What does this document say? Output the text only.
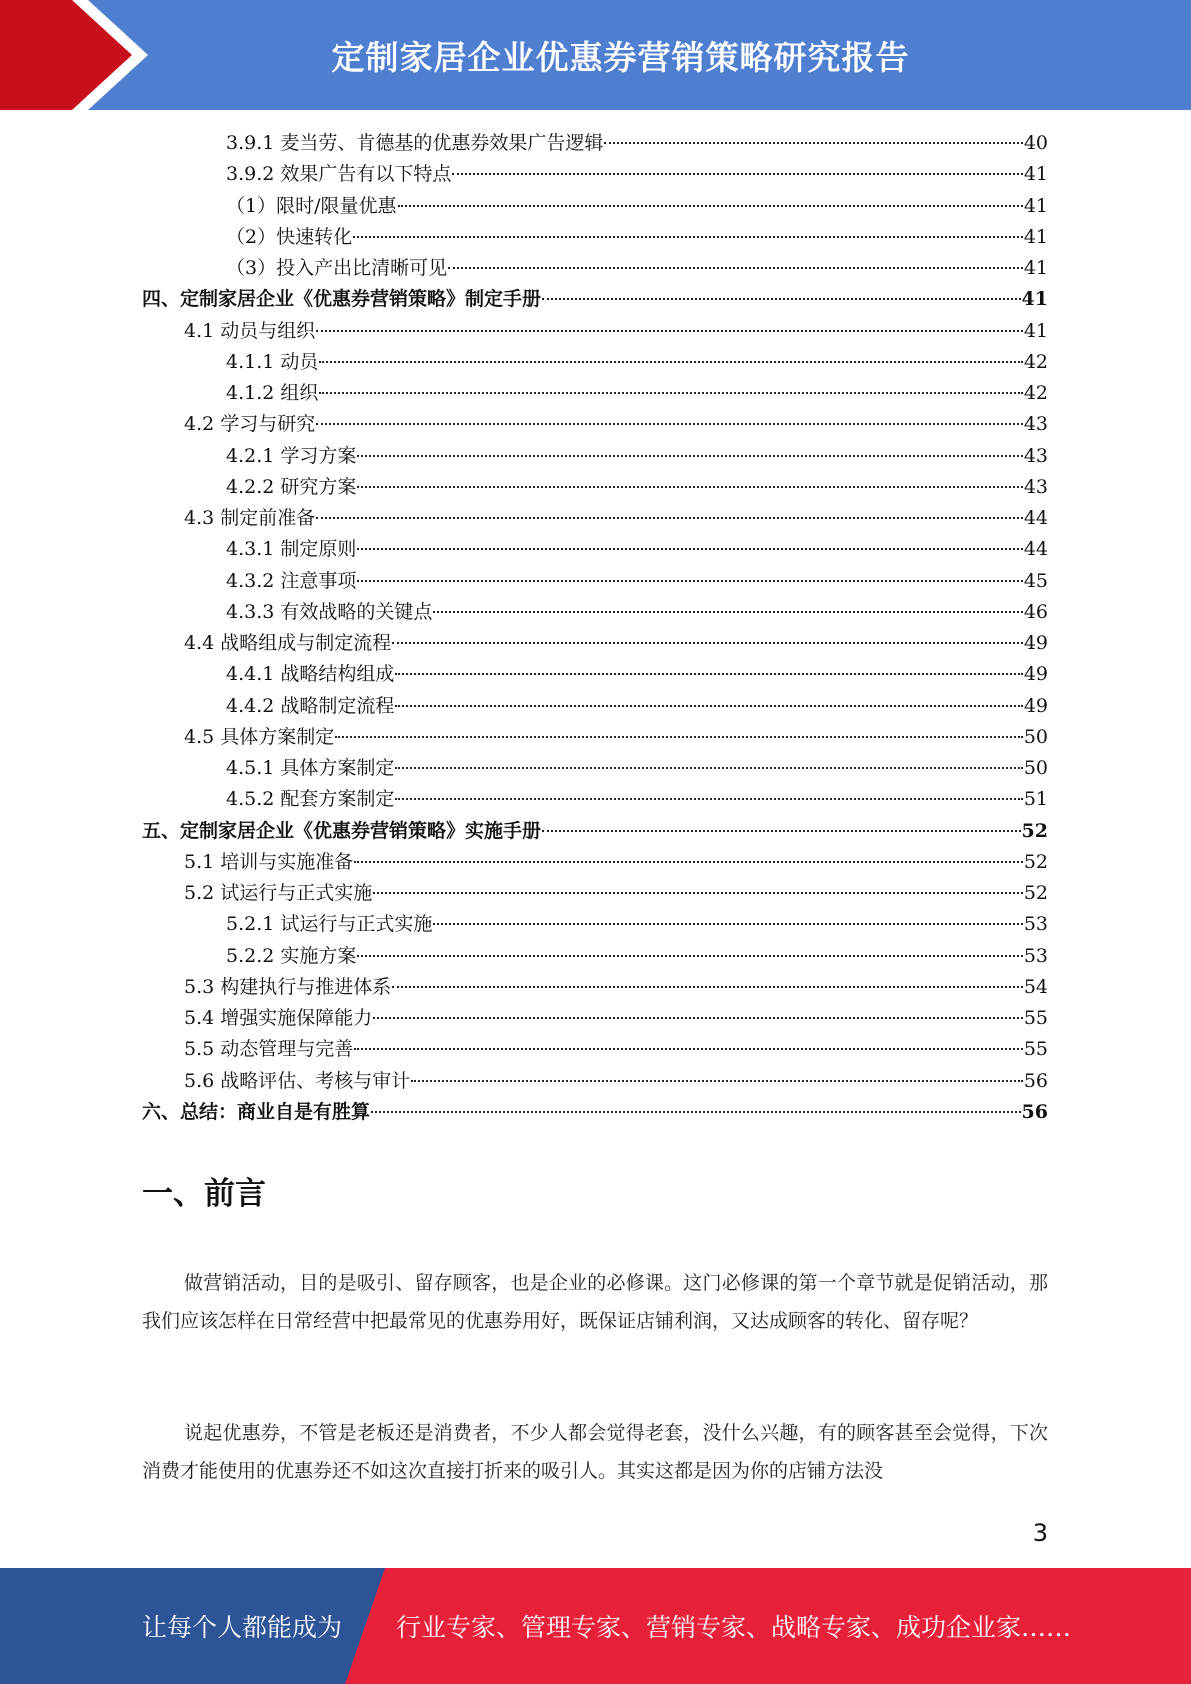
定制家居企业优惠券营销策略研究报告
3.9.1 麦当劳、肯德基的优惠券效果广告逻辑	40
3.9.2 效果广告有以下特点	41
（1）限时/限量优惠	41
（2）快速转化	41
（3）投入产出比清晰可见	41
四、定制家居企业《优惠券营销策略》制定手册	41
4.1 动员与组织	41
4.1.1 动员	42
4.1.2 组织	42
4.2 学习与研究	43
4.2.1 学习方案	43
4.2.2 研究方案	43
4.3 制定前准备	44
4.3.1 制定原则	44
4.3.2 注意事项	45
4.3.3 有效战略的关键点	46
4.4 战略组成与制定流程	49
4.4.1 战略结构组成	49
4.4.2 战略制定流程	49
4.5 具体方案制定	50
4.5.1 具体方案制定	50
4.5.2 配套方案制定	51
五、定制家居企业《优惠券营销策略》实施手册	52
5.1 培训与实施准备	52
5.2 试运行与正式实施	52
5.2.1 试运行与正式实施	53
5.2.2 实施方案	53
5.3 构建执行与推进体系	54
5.4 增强实施保障能力	55
5.5 动态管理与完善	55
5.6 战略评估、考核与审计	56
六、总结：商业自是有胜算	56
一、前言

做营销活动，目的是吸引、留存顾客，也是企业的必修课。这门必修课的第一个章节就是促销活动，那我们应该怎样在日常经营中把最常见的优惠券用好，既保证店铺利润，又达成顾客的转化、留存呢？

说起优惠券，不管是老板还是消费者，不少人都会觉得老套，没什么兴趣，有的顾客甚至会觉得，下次消费才能使用的优惠券还不如这次直接打折来的吸引人。其实这都是因为你的店铺方法没

3
让每个人都能成为 行业专家、管理专家、营销专家、战略专家、成功企业家……
